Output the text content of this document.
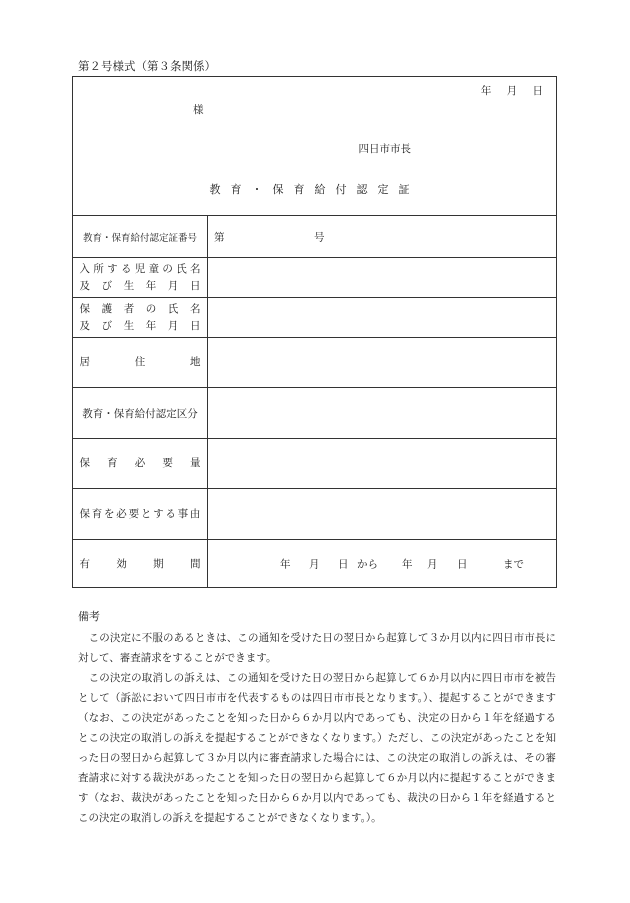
第２号様式（第３条関係）
年 月 日
様
四日市市長
教育・保育給付認定証
教育・保育給付認定証番号	第	号
入 所 す る 児 童 の 氏 名
及 び 生 年 月 日
保 護 者 の 氏 名
及 び 生 年 月 日
居	住	地
教育・保育給付認定区分
保 育 必 要 量
保 育 を 必 要 と す る 事 由
有	効	期	間	年 月 日 から 年 月 日	まで
備考

　この決定に不服のあるときは、この通知を受けた日の翌日から起算して３か月以内に四日市市長に対して、審査請求をすることができます。

　この決定の取消しの訴えは、この通知を受けた日の翌日から起算して６か月以内に四日市市を被告として（訴訟において四日市市を代表するものは四日市市長となります。）、提起することができます（なお、この決定があったことを知った日から６か月以内であっても、決定の日から１年を経過するとこの決定の取消しの訴えを提起することができなくなります。）ただし、この決定があったことを知った日の翌日から起算して３か月以内に審査請求した場合には、この決定の取消しの訴えは、その審査請求に対する裁決があったことを知った日の翌日から起算して６か月以内に提起することができます（なお、裁決があったことを知った日から６か月以内であっても、裁決の日から１年を経過するとこの決定の取消しの訴えを提起することができなくなります。）。
